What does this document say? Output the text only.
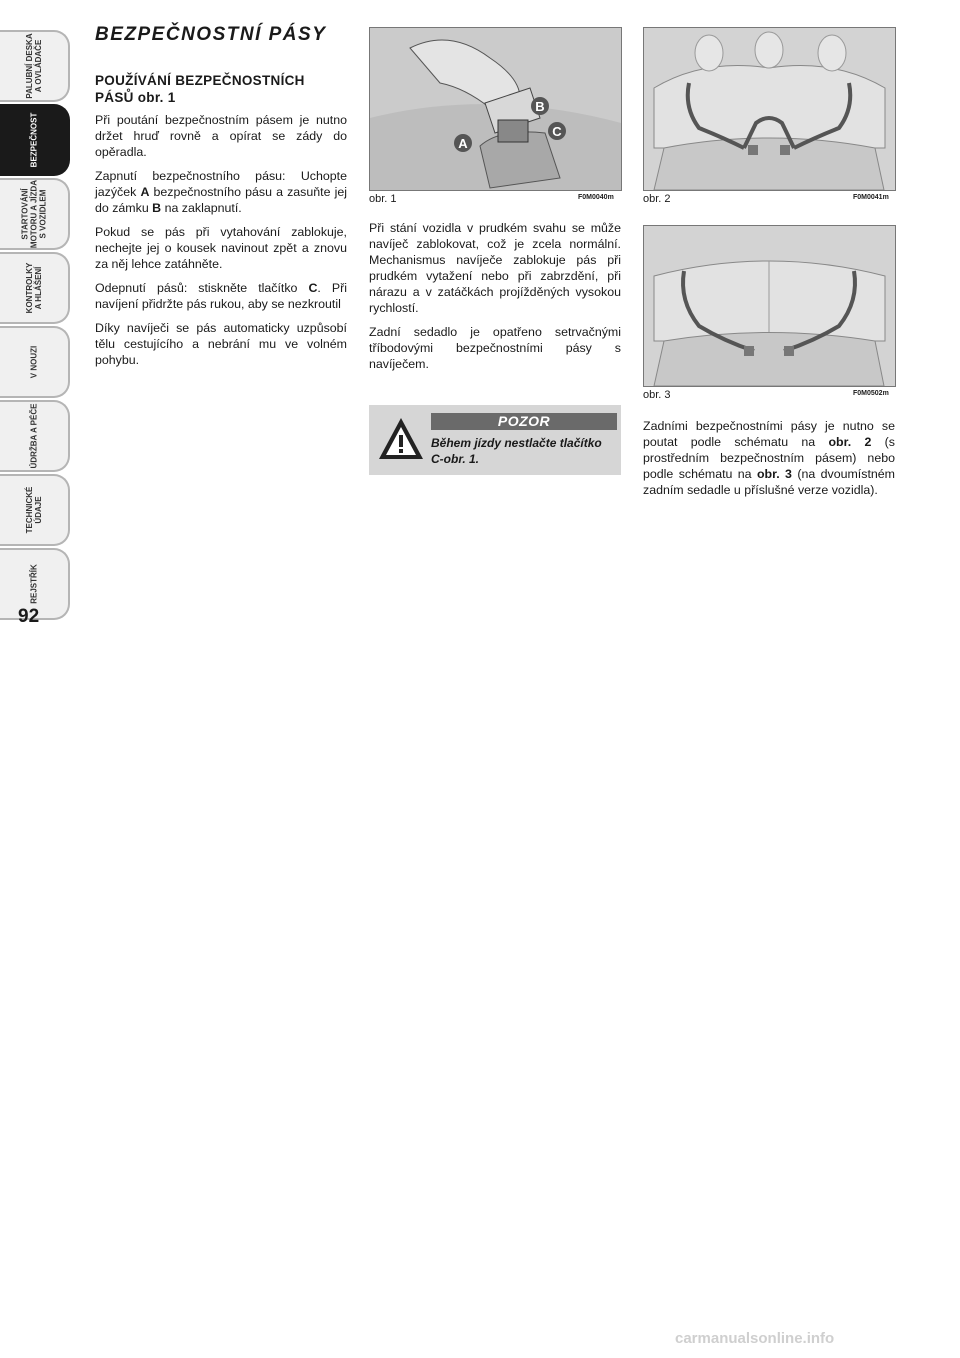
PALUBNÍ DESKA
A OVLÁDAČE
BEZPEČNOST
STARTOVÁNÍ
MOTORU A JÍZDA
S VOZIDLEM
KONTROLKY
A HLÁŠENÍ
V NOUZI
ÚDRŽBA A PÉČE
TECHNICKÉ
ÚDAJE
REJSTŘÍK
92
BEZPEČNOSTNÍ PÁSY
POUŽÍVÁNÍ BEZPEČNOSTNÍCH PÁSŮ obr. 1

Při poutání bezpečnostním pásem je nutno držet hruď rovně a opírat se zády do opěradla.

Zapnutí bezpečnostního pásu: Uchopte jazýček A bezpečnostního pásu a zasuňte jej do zámku B na zaklapnutí.

Pokud se pás při vytahování zablokuje, nechejte jej o kousek navinout zpět a znovu za něj lehce zatáhněte.

Odepnutí pásů: stiskněte tlačítko C. Při navíjení přidržte pás rukou, aby se nezkroutil

Díky navíječi se pás automaticky uzpůsobí tělu cestujícího a nebrání mu ve volném pohybu.

A
B
C
obr. 1	F0M0040m

Při stání vozidla v prudkém svahu se může navíječ zablokovat, což je zcela normální. Mechanismus navíječe zablokuje pás při prudkém vytažení nebo při zabrzdění, při nárazu a v zatáčkách projížděných vysokou rychlostí.

Zadní sedadlo je opatřeno setrvačnými tříbodovými bezpečnostními pásy s navíječem.

POZOR
Během jízdy nestlačte tlačítko C-obr. 1.
obr. 2	F0M0041m
obr. 3	F0M0502m

Zadními bezpečnostními pásy je nutno se poutat podle schématu na obr. 2 (s prostředním bezpečnostním pásem) nebo podle schématu na obr. 3 (na dvoumístném zadním sedadle u příslušné verze vozidla).

carmanualsonline.info
